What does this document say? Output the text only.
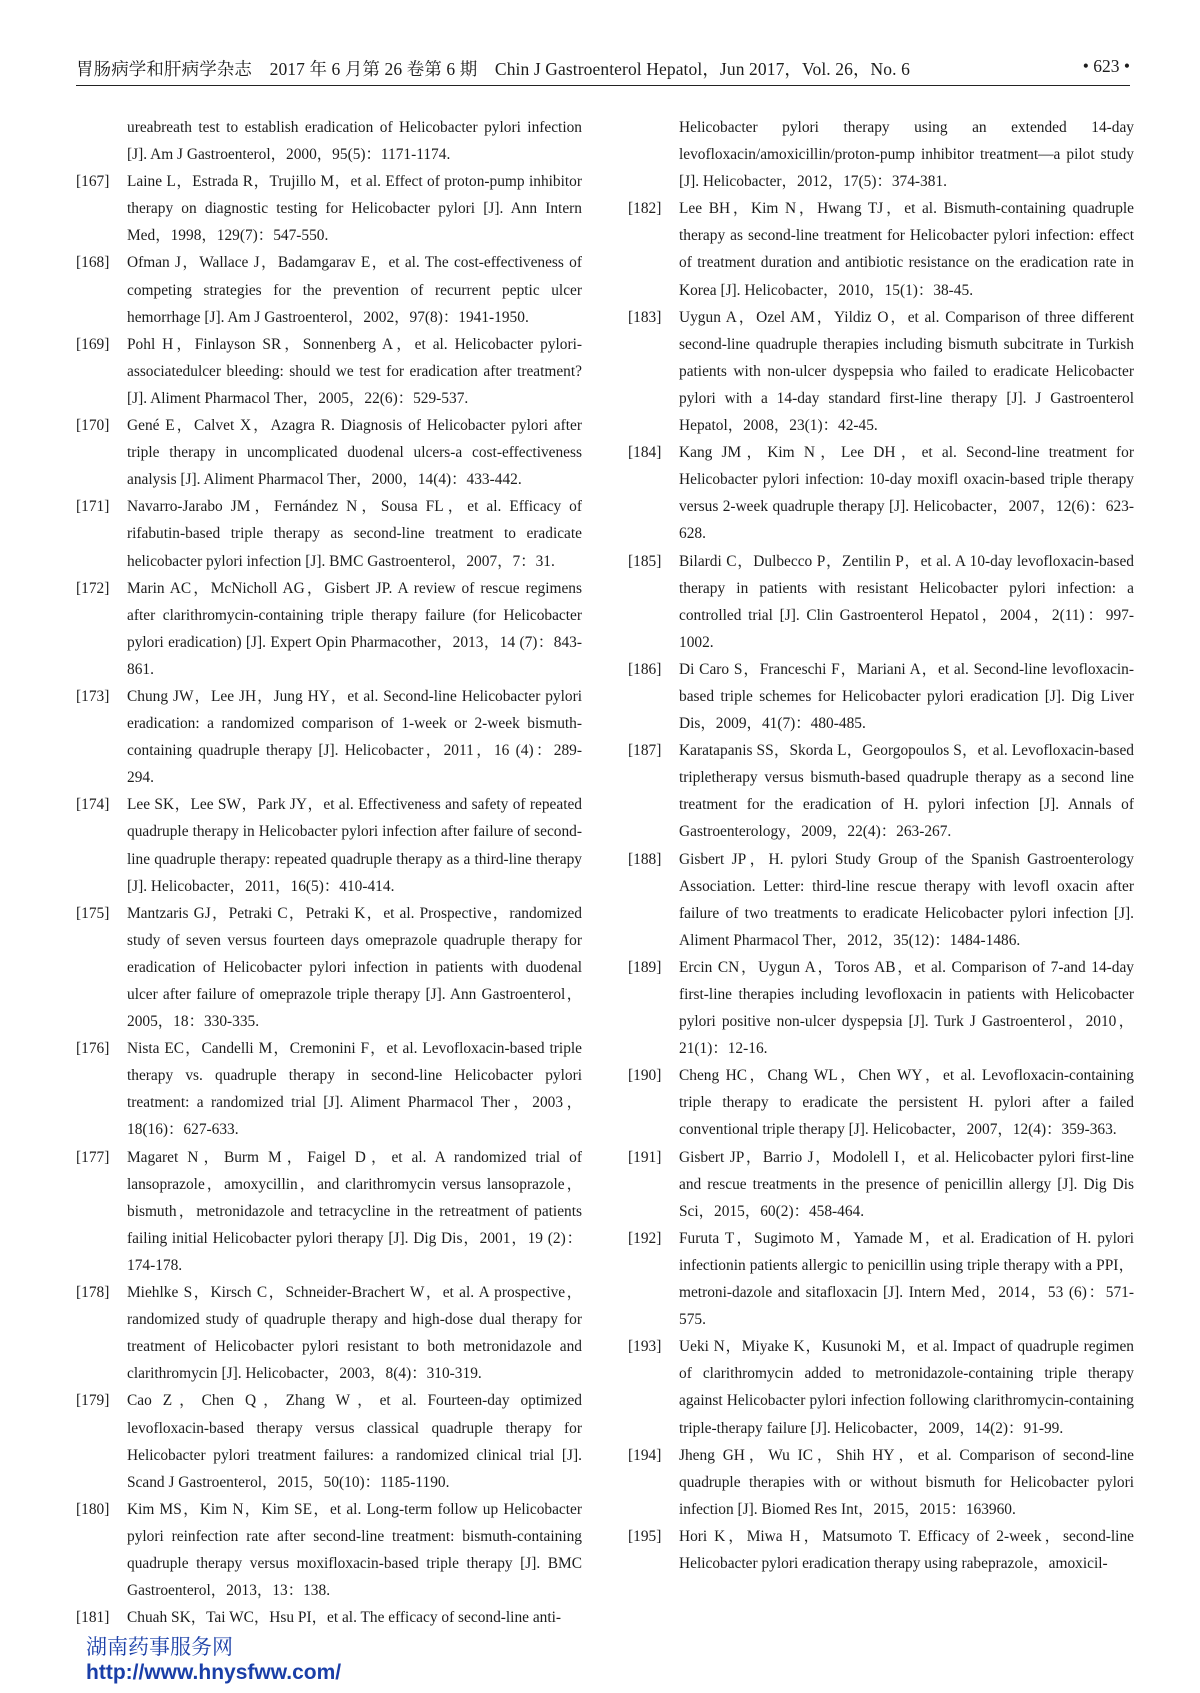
胃肠病学和肝病学杂志　2017 年 6 月第 26 卷第 6 期　Chin J Gastroenterol Hepatol，Jun 2017，Vol. 26，No. 6	• 623 •
ureabreath test to establish eradication of Helicobacter pylori infection [J]. Am J Gastroenterol，2000，95(5)：1171-1174.
[167]	Laine L，Estrada R，Trujillo M，et al. Effect of proton-pump inhibitor therapy on diagnostic testing for Helicobacter pylori [J]. Ann Intern Med，1998，129(7)：547-550.
[168]	Ofman J，Wallace J，Badamgarav E，et al. The cost-effectiveness of competing strategies for the prevention of recurrent peptic ulcer hemorrhage [J]. Am J Gastroenterol，2002，97(8)：1941-1950.
[169]	Pohl H，Finlayson SR，Sonnenberg A，et al. Helicobacter pylori-associatedulcer bleeding: should we test for eradication after treatment? [J]. Aliment Pharmacol Ther，2005，22(6)：529-537.
[170]	Gené E，Calvet X，Azagra R. Diagnosis of Helicobacter pylori after triple therapy in uncomplicated duodenal ulcers-a cost-effectiveness analysis [J]. Aliment Pharmacol Ther，2000，14(4)：433-442.
[171]	Navarro-Jarabo JM，Fernández N，Sousa FL，et al. Efficacy of rifabutin-based triple therapy as second-line treatment to eradicate helicobacter pylori infection [J]. BMC Gastroenterol，2007，7：31.
[172]	Marin AC，McNicholl AG，Gisbert JP. A review of rescue regimens after clarithromycin-containing triple therapy failure (for Helicobacter pylori eradication) [J]. Expert Opin Pharmacother，2013，14 (7)：843-861.
[173]	Chung JW，Lee JH，Jung HY，et al. Second-line Helicobacter pylori eradication: a randomized comparison of 1-week or 2-week bismuth-containing quadruple therapy [J]. Helicobacter，2011，16 (4)：289-294.
[174]	Lee SK，Lee SW，Park JY，et al. Effectiveness and safety of repeated quadruple therapy in Helicobacter pylori infection after failure of second-line quadruple therapy: repeated quadruple therapy as a third-line therapy [J]. Helicobacter，2011，16(5)：410-414.
[175]	Mantzaris GJ，Petraki C，Petraki K，et al. Prospective，randomized study of seven versus fourteen days omeprazole quadruple therapy for eradication of Helicobacter pylori infection in patients with duodenal ulcer after failure of omeprazole triple therapy [J]. Ann Gastroenterol，2005，18：330-335.
[176]	Nista EC，Candelli M，Cremonini F，et al. Levofloxacin-based triple therapy vs. quadruple therapy in second-line Helicobacter pylori treatment: a randomized trial [J]. Aliment Pharmacol Ther，2003，18(16)：627-633.
[177]	Magaret N，Burm M，Faigel D，et al. A randomized trial of lansoprazole，amoxycillin，and clarithromycin versus lansoprazole，bismuth，metronidazole and tetracycline in the retreatment of patients failing initial Helicobacter pylori therapy [J]. Dig Dis，2001，19 (2)：174-178.
[178]	Miehlke S，Kirsch C，Schneider-Brachert W，et al. A prospective，randomized study of quadruple therapy and high-dose dual therapy for treatment of Helicobacter pylori resistant to both metronidazole and clarithromycin [J]. Helicobacter，2003，8(4)：310-319.
[179]	Cao Z，Chen Q，Zhang W，et al. Fourteen-day optimized levofloxacin-based therapy versus classical quadruple therapy for Helicobacter pylori treatment failures: a randomized clinical trial [J]. Scand J Gastroenterol，2015，50(10)：1185-1190.
[180]	Kim MS，Kim N，Kim SE，et al. Long-term follow up Helicobacter pylori reinfection rate after second-line treatment: bismuth-containing quadruple therapy versus moxifloxacin-based triple therapy [J]. BMC Gastroenterol，2013，13：138.
[181]	Chuah SK，Tai WC，Hsu PI，et al. The efficacy of second-line anti-
Helicobacter pylori therapy using an extended 14-day levofloxacin/amoxicillin/proton-pump inhibitor treatment—a pilot study [J]. Helicobacter，2012，17(5)：374-381.
[182]	Lee BH，Kim N，Hwang TJ，et al. Bismuth-containing quadruple therapy as second-line treatment for Helicobacter pylori infection: effect of treatment duration and antibiotic resistance on the eradication rate in Korea [J]. Helicobacter，2010，15(1)：38-45.
[183]	Uygun A，Ozel AM，Yildiz O，et al. Comparison of three different second-line quadruple therapies including bismuth subcitrate in Turkish patients with non-ulcer dyspepsia who failed to eradicate Helicobacter pylori with a 14-day standard first-line therapy [J]. J Gastroenterol Hepatol，2008，23(1)：42-45.
[184]	Kang JM，Kim N，Lee DH，et al. Second-line treatment for Helicobacter pylori infection: 10-day moxifl oxacin-based triple therapy versus 2-week quadruple therapy [J]. Helicobacter，2007，12(6)：623-628.
[185]	Bilardi C，Dulbecco P，Zentilin P，et al. A 10-day levofloxacin-based therapy in patients with resistant Helicobacter pylori infection: a controlled trial [J]. Clin Gastroenterol Hepatol，2004，2(11)：997-1002.
[186]	Di Caro S，Franceschi F，Mariani A，et al. Second-line levofloxacin-based triple schemes for Helicobacter pylori eradication [J]. Dig Liver Dis，2009，41(7)：480-485.
[187]	Karatapanis SS，Skorda L，Georgopoulos S，et al. Levofloxacin-based tripletherapy versus bismuth-based quadruple therapy as a second line treatment for the eradication of H. pylori infection [J]. Annals of Gastroenterology，2009，22(4)：263-267.
[188]	Gisbert JP，H. pylori Study Group of the Spanish Gastroenterology Association. Letter: third-line rescue therapy with levofl oxacin after failure of two treatments to eradicate Helicobacter pylori infection [J]. Aliment Pharmacol Ther，2012，35(12)：1484-1486.
[189]	Ercin CN，Uygun A，Toros AB，et al. Comparison of 7-and 14-day first-line therapies including levofloxacin in patients with Helicobacter pylori positive non-ulcer dyspepsia [J]. Turk J Gastroenterol，2010，21(1)：12-16.
[190]	Cheng HC，Chang WL，Chen WY，et al. Levofloxacin-containing triple therapy to eradicate the persistent H. pylori after a failed conventional triple therapy [J]. Helicobacter，2007，12(4)：359-363.
[191]	Gisbert JP，Barrio J，Modolell I，et al. Helicobacter pylori first-line and rescue treatments in the presence of penicillin allergy [J]. Dig Dis Sci，2015，60(2)：458-464.
[192]	Furuta T，Sugimoto M，Yamade M，et al. Eradication of H. pylori infectionin patients allergic to penicillin using triple therapy with a PPI，metroni-dazole and sitafloxacin [J]. Intern Med，2014，53 (6)：571-575.
[193]	Ueki N，Miyake K，Kusunoki M，et al. Impact of quadruple regimen of clarithromycin added to metronidazole-containing triple therapy against Helicobacter pylori infection following clarithromycin-containing triple-therapy failure [J]. Helicobacter，2009，14(2)：91-99.
[194]	Jheng GH，Wu IC，Shih HY，et al. Comparison of second-line quadruple therapies with or without bismuth for Helicobacter pylori infection [J]. Biomed Res Int，2015，2015：163960.
[195]	Hori K，Miwa H，Matsumoto T. Efficacy of 2-week，second-line Helicobacter pylori eradication therapy using rabeprazole，amoxicil-
湖南药事服务网
http://www.hnysfww.com/
